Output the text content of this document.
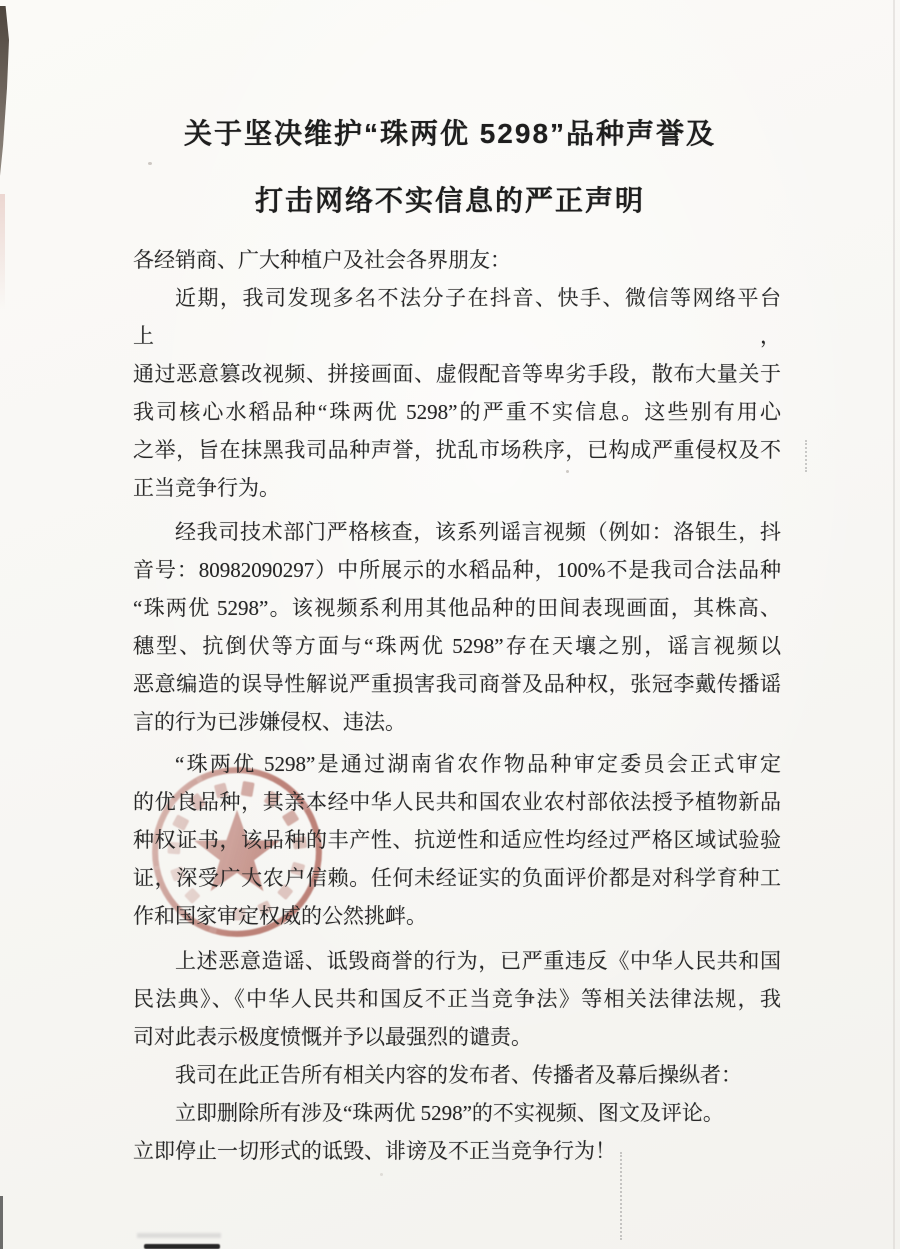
关于坚决维护“珠两优 5298”品种声誉及
打击网络不实信息的严正声明
各经销商、广大种植户及社会各界朋友：
近期，我司发现多名不法分子在抖音、快手、微信等网络平台上，
通过恶意篡改视频、拼接画面、虚假配音等卑劣手段，散布大量关于
我司核心水稻品种“珠两优 5298”的严重不实信息。这些别有用心
之举，旨在抹黑我司品种声誉，扰乱市场秩序，已构成严重侵权及不
正当竞争行为。
经我司技术部门严格核查，该系列谣言视频（例如：洛银生，抖
音号：80982090297）中所展示的水稻品种，100%不是我司合法品种
“珠两优 5298”。该视频系利用其他品种的田间表现画面，其株高、
穗型、抗倒伏等方面与“珠两优 5298”存在天壤之别，谣言视频以
恶意编造的误导性解说严重损害我司商誉及品种权，张冠李戴传播谣
言的行为已涉嫌侵权、违法。
“珠两优 5298”是通过湖南省农作物品种审定委员会正式审定
的优良品种，其亲本经中华人民共和国农业农村部依法授予植物新品
种权证书，该品种的丰产性、抗逆性和适应性均经过严格区域试验验
证，深受广大农户信赖。任何未经证实的负面评价都是对科学育种工
作和国家审定权威的公然挑衅。
上述恶意造谣、诋毁商誉的行为，已严重违反《中华人民共和国
民法典》、《中华人民共和国反不正当竞争法》等相关法律法规，我
司对此表示极度愤慨并予以最强烈的谴责。
我司在此正告所有相关内容的发布者、传播者及幕后操纵者：
立即删除所有涉及“珠两优 5298”的不实视频、图文及评论。
立即停止一切形式的诋毁、诽谤及不正当竞争行为！
